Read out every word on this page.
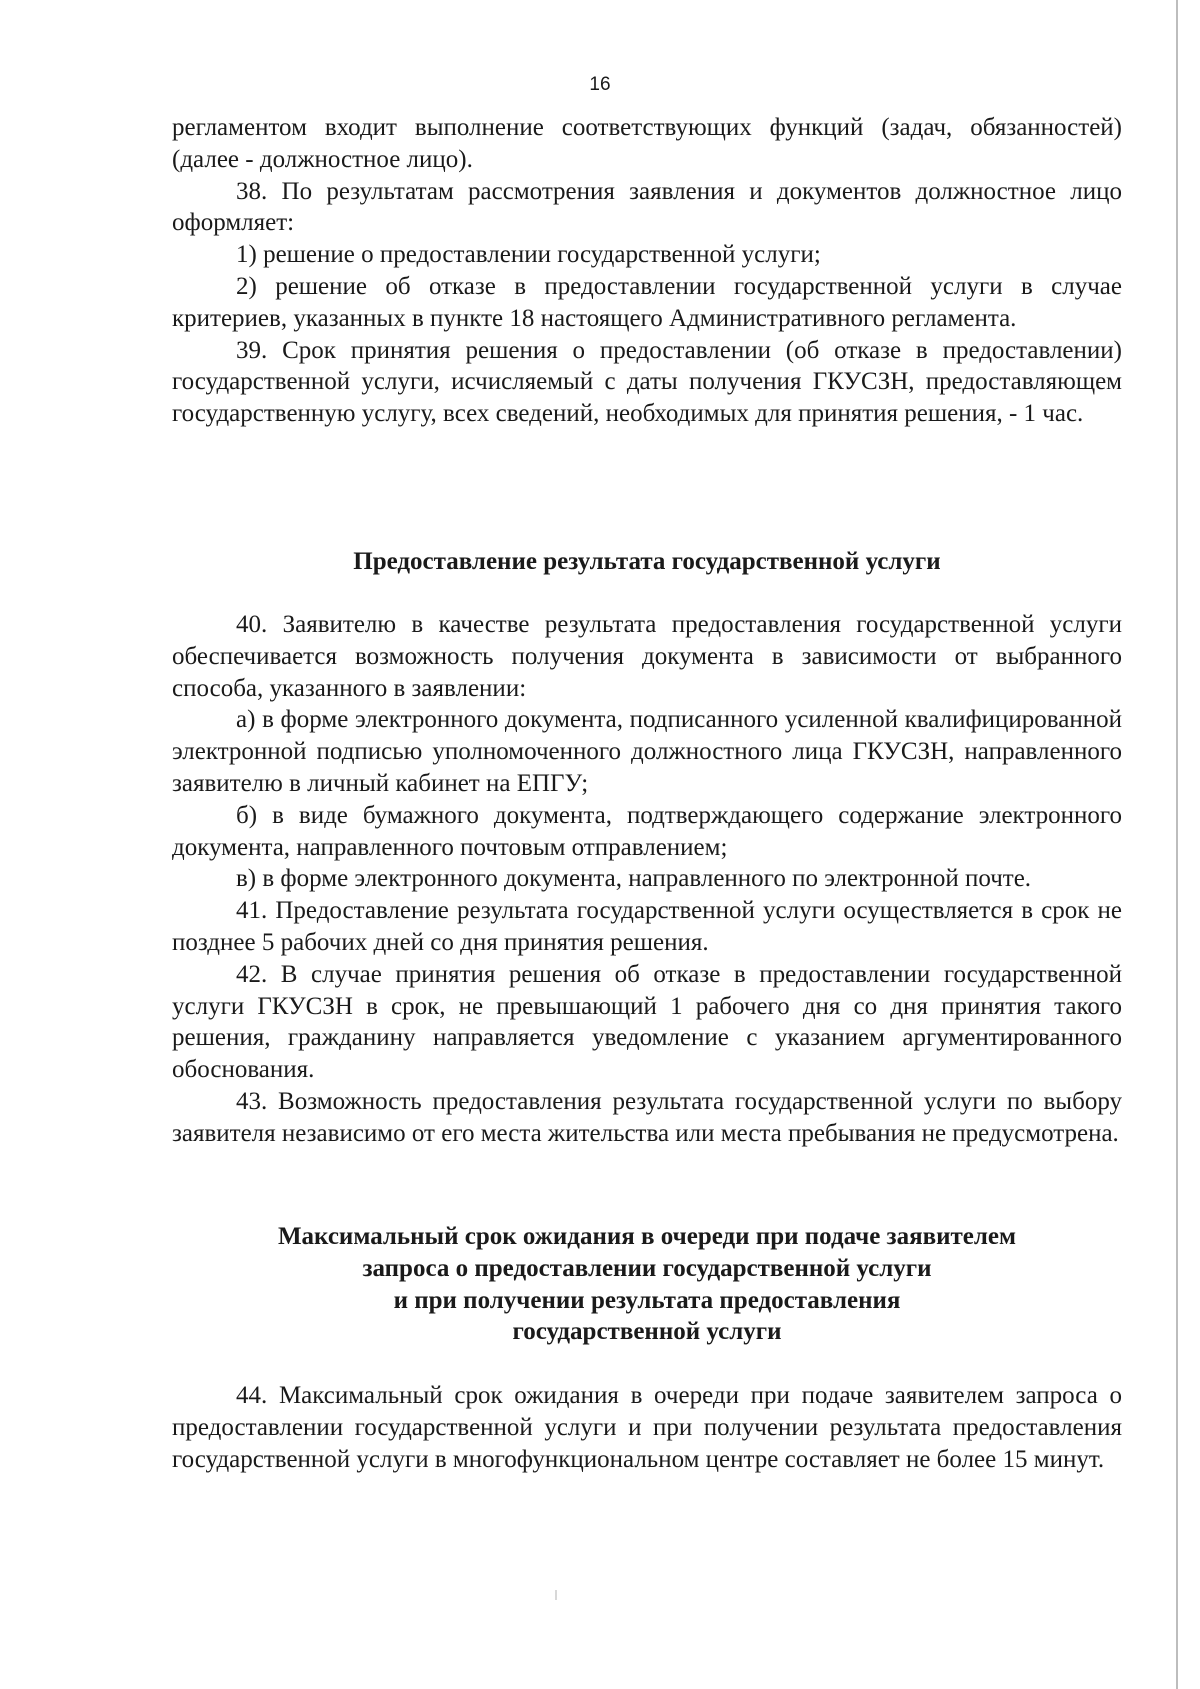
16

регламентом входит выполнение соответствующих функций (задач, обязанностей) (далее - должностное лицо).

38. По результатам рассмотрения заявления и документов должностное лицо оформляет:

1) решение о предоставлении государственной услуги;

2) решение об отказе в предоставлении государственной услуги в случае критериев, указанных в пункте 18 настоящего Административного регламента.

39. Срок принятия решения о предоставлении (об отказе в предоставлении) государственной услуги, исчисляемый с даты получения ГКУСЗН, предоставляющем государственную услугу, всех сведений, необходимых для принятия решения, - 1 час.

Предоставление результата государственной услуги

40. Заявителю в качестве результата предоставления государственной услуги обеспечивается возможность получения документа в зависимости от выбранного способа, указанного в заявлении:

а) в форме электронного документа, подписанного усиленной квалифицированной электронной подписью уполномоченного должностного лица ГКУСЗН, направленного заявителю в личный кабинет на ЕПГУ;

б) в виде бумажного документа, подтверждающего содержание электронного документа, направленного почтовым отправлением;

в) в форме электронного документа, направленного по электронной почте.

41. Предоставление результата государственной услуги осуществляется в срок не позднее 5 рабочих дней со дня принятия решения.

42. В случае принятия решения об отказе в предоставлении государственной услуги ГКУСЗН в срок, не превышающий 1 рабочего дня со дня принятия такого решения, гражданину направляется уведомление с указанием аргументированного обоснования.

43. Возможность предоставления результата государственной услуги по выбору заявителя независимо от его места жительства или места пребывания не предусмотрена.

Максимальный срок ожидания в очереди при подаче заявителем
запроса о предоставлении государственной услуги
и при получении результата предоставления
государственной услуги

44. Максимальный срок ожидания в очереди при подаче заявителем запроса о предоставлении государственной услуги и при получении результата предоставления государственной услуги в многофункциональном центре составляет не более 15 минут.
